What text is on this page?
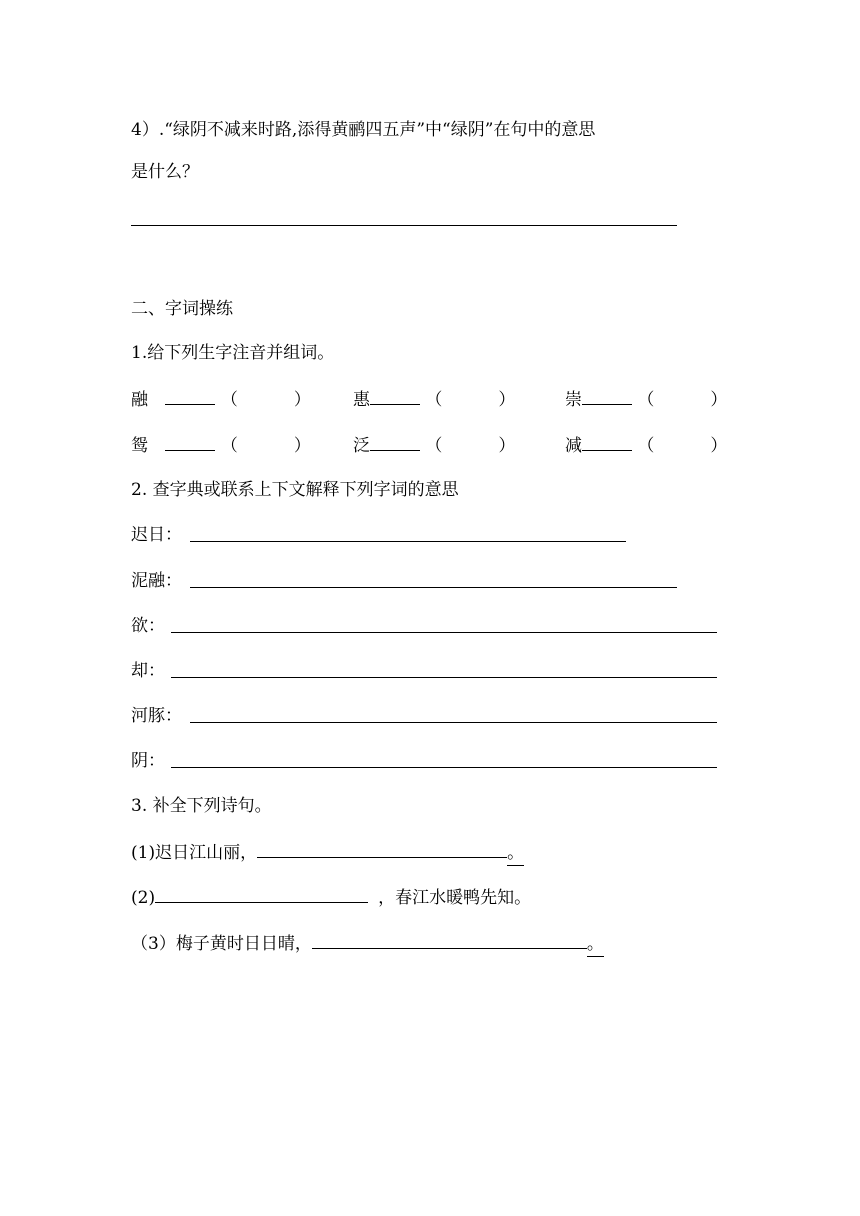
4）.“绿阴不减来时路,添得黄鹂四五声”中“绿阴”在句中的意思
是什么？
二、字词操练
1.给下列生字注音并组词。
融	（	） 惠	（	）	崇	（	）
鸳	（	） 泛	（	）	减	（	）
2. 查字典或联系上下文解释下列字词的意思
迟日：
泥融：
欲：
却：
河豚：
阴：
3. 补全下列诗句。
(1)迟日江山丽，	。
(2)	，春江水暖鸭先知。
（3）梅子黄时日日晴，	。
